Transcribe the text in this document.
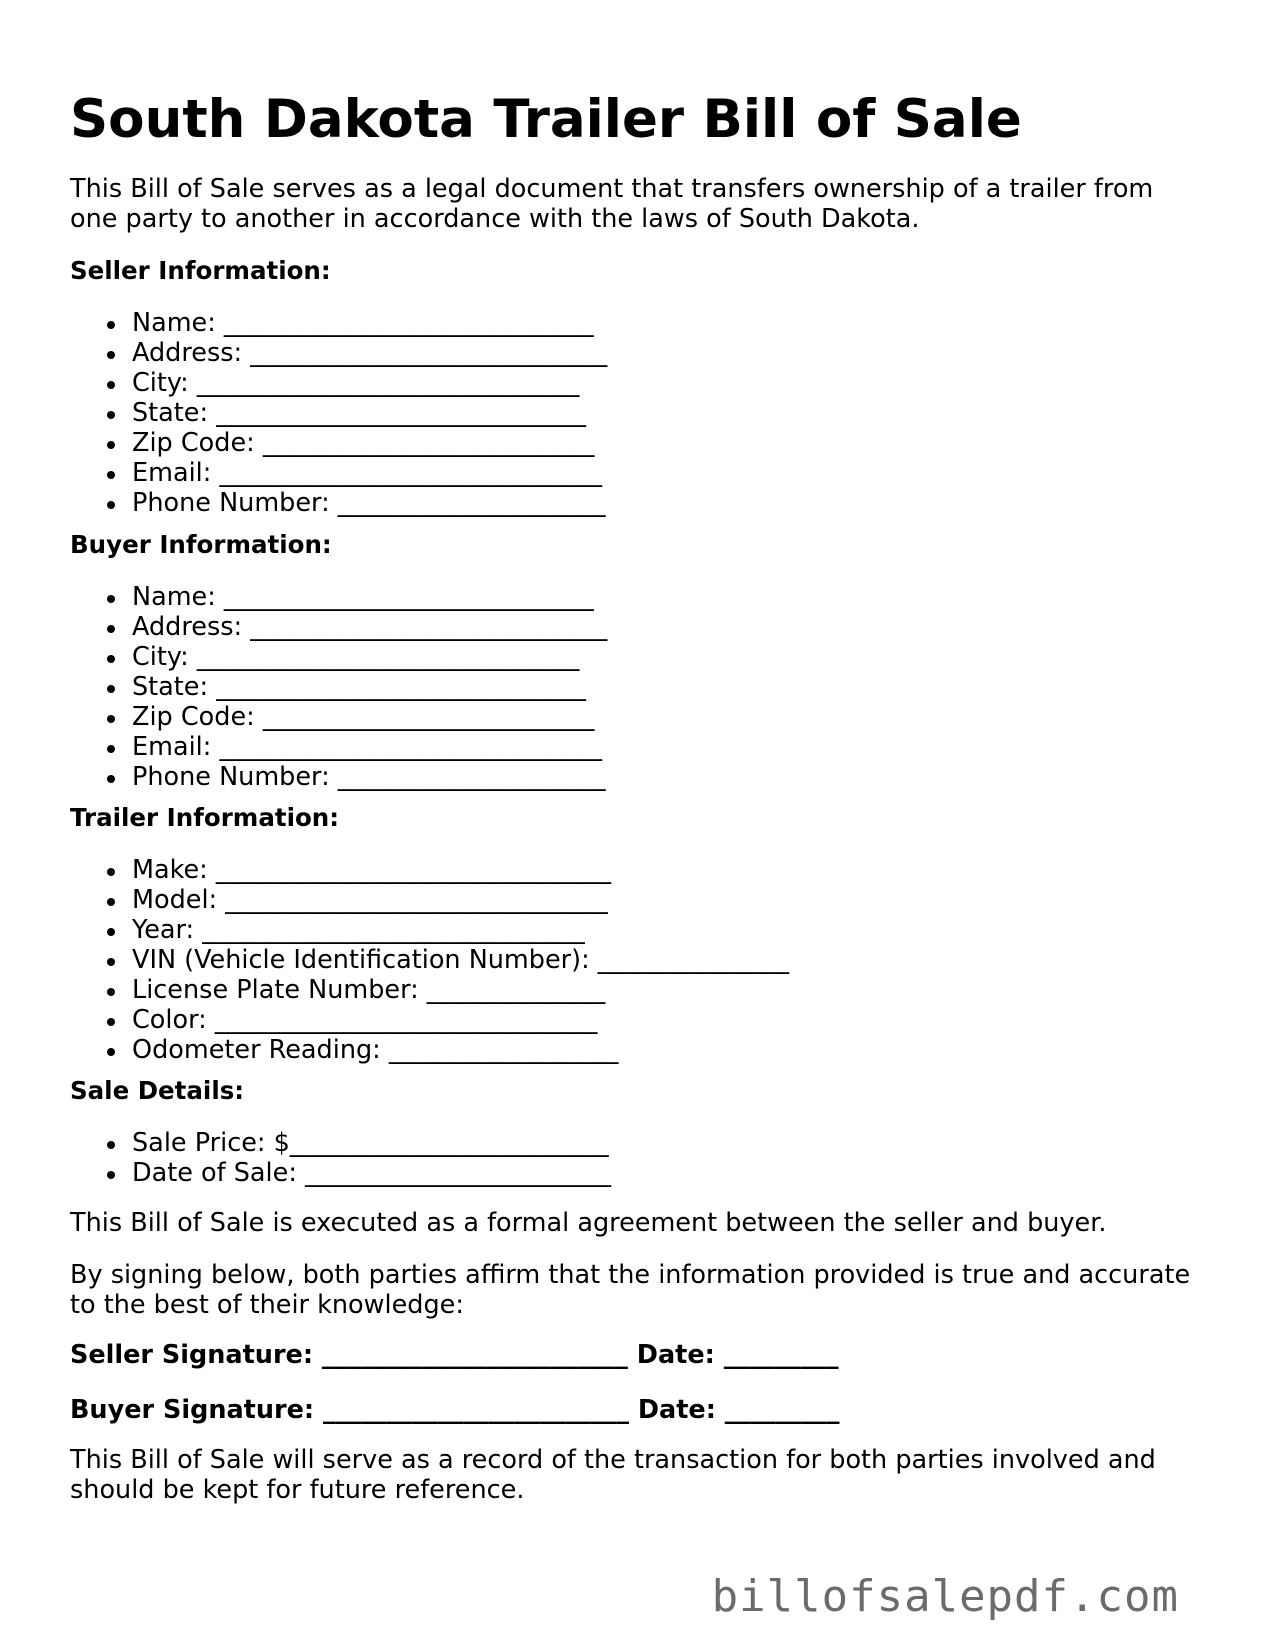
South Dakota Trailer Bill of Sale

This Bill of Sale serves as a legal document that transfers ownership of a trailer from one party to another in accordance with the laws of South Dakota.

Seller Information:

Name: _____________________________
Address: ____________________________
City: ______________________________
State: _____________________________
Zip Code: __________________________
Email: ______________________________
Phone Number: _____________________

Buyer Information:

Name: _____________________________
Address: ____________________________
City: ______________________________
State: _____________________________
Zip Code: __________________________
Email: ______________________________
Phone Number: _____________________

Trailer Information:

Make: _______________________________
Model: ______________________________
Year: ______________________________
VIN (Vehicle Identification Number): _______________
License Plate Number: ______________
Color: ______________________________
Odometer Reading: __________________

Sale Details:

Sale Price: $_________________________
Date of Sale: ________________________

This Bill of Sale is executed as a formal agreement between the seller and buyer.

By signing below, both parties affirm that the information provided is true and accurate to the best of their knowledge:

Seller Signature: ________________________ Date: _________

Buyer Signature: ________________________ Date: _________

This Bill of Sale will serve as a record of the transaction for both parties involved and should be kept for future reference.

billofsalepdf.com
